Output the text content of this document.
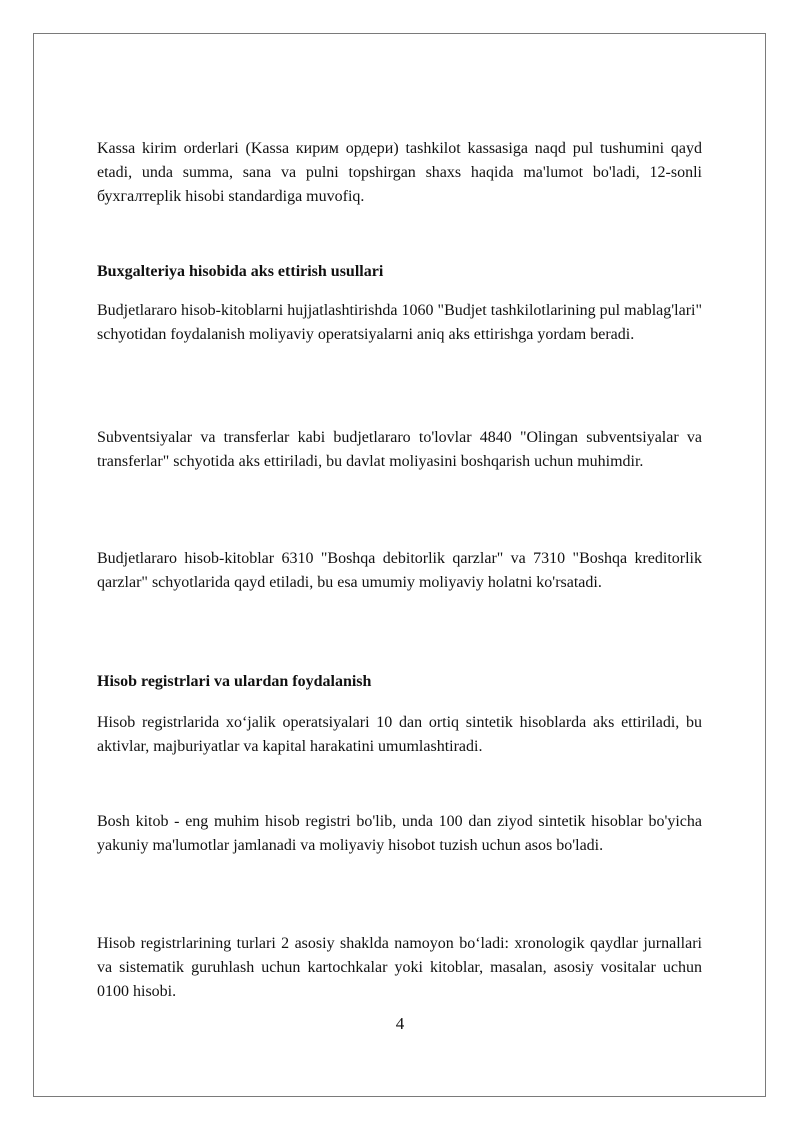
Kassa kirim orderlari (Kassa кирим ордери) tashkilot kassasiga naqd pul tushumini qayd etadi, unda summa, sana va pulni topshirgan shaxs haqida ma'lumot bo'ladi, 12-sonli бухгалтерlik hisobi standardiga muvofiq.

Buxgalteriya hisobida aks ettirish usullari

Budjetlararo hisob-kitoblarni hujjatlashtirishda 1060 "Budjet tashkilotlarining pul mablag'lari" schyotidan foydalanish moliyaviy operatsiyalarni aniq aks ettirishga yordam beradi.

Subventsiyalar va transferlar kabi budjetlararo to'lovlar 4840 "Olingan subventsiyalar va transferlar" schyotida aks ettiriladi, bu davlat moliyasini boshqarish uchun muhimdir.

Budjetlararo hisob-kitoblar 6310 "Boshqa debitorlik qarzlar" va 7310 "Boshqa kreditorlik qarzlar" schyotlarida qayd etiladi, bu esa umumiy moliyaviy holatni ko'rsatadi.

Hisob registrlari va ulardan foydalanish

Hisob registrlarida xo‘jalik operatsiyalari 10 dan ortiq sintetik hisoblarda aks ettiriladi, bu aktivlar, majburiyatlar va kapital harakatini umumlashtiradi.

Bosh kitob - eng muhim hisob registri bo'lib, unda 100 dan ziyod sintetik hisoblar bo'yicha yakuniy ma'lumotlar jamlanadi va moliyaviy hisobot tuzish uchun asos bo'ladi.

Hisob registrlarining turlari 2 asosiy shaklda namoyon bo‘ladi: xronologik qaydlar jurnallari va sistematik guruhlash uchun kartochkalar yoki kitoblar, masalan, asosiy vositalar uchun 0100 hisobi.

4
